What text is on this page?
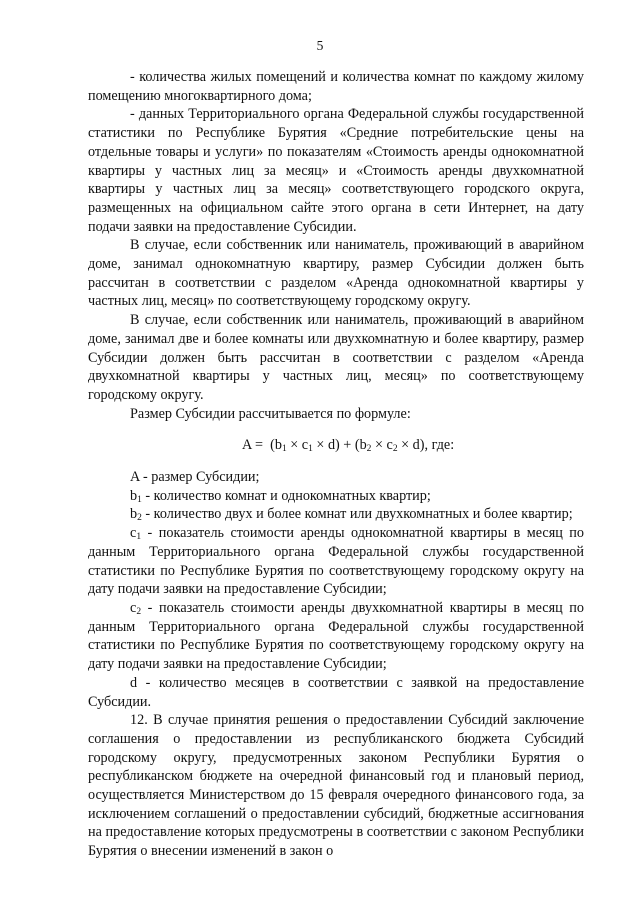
5

- количества жилых помещений и количества комнат по каждому жилому помещению многоквартирного дома;

- данных Территориального органа Федеральной службы государственной статистики по Республике Бурятия «Средние потребительские цены на отдельные товары и услуги» по показателям «Стоимость аренды однокомнатной квартиры у частных лиц за месяц» и «Стоимость аренды двухкомнатной квартиры у частных лиц за месяц» соответствующего городского округа, размещенных на официальном сайте этого органа в сети Интернет, на дату подачи заявки на предоставление Субсидии.

В случае, если собственник или наниматель, проживающий в аварийном доме, занимал однокомнатную квартиру, размер Субсидии должен быть рассчитан в соответствии с разделом «Аренда однокомнатной квартиры у частных лиц, месяц» по соответствующему городскому округу.

В случае, если собственник или наниматель, проживающий в аварийном доме, занимал две и более комнаты или двухкомнатную и более квартиру, размер Субсидии должен быть рассчитан в соответствии с разделом «Аренда двухкомнатной квартиры у частных лиц, месяц» по соответствующему городскому округу.

Размер Субсидии рассчитывается по формуле:

$A = (b_1 \times c_1 \times d) + (b_2 \times c_2 \times d)$, где:

A - размер Субсидии;

$b_1$ - количество комнат и однокомнатных квартир;

$b_2$ - количество двух и более комнат или двухкомнатных и более квартир;

$c_1$ - показатель стоимости аренды однокомнатной квартиры в месяц по данным Территориального органа Федеральной службы государственной статистики по Республике Бурятия по соответствующему городскому округу на дату подачи заявки на предоставление Субсидии;

$c_2$ - показатель стоимости аренды двухкомнатной квартиры в месяц по данным Территориального органа Федеральной службы государственной статистики по Республике Бурятия по соответствующему городскому округу на дату подачи заявки на предоставление Субсидии;

d - количество месяцев в соответствии с заявкой на предоставление Субсидии.

12. В случае принятия решения о предоставлении Субсидий заключение соглашения о предоставлении из республиканского бюджета Субсидий городскому округу, предусмотренных законом Республики Бурятия о республиканском бюджете на очередной финансовый год и плановый период, осуществляется Министерством до 15 февраля очередного финансового года, за исключением соглашений о предоставлении субсидий, бюджетные ассигнования на предоставление которых предусмотрены в соответствии с законом Республики Бурятия о внесении изменений в закон о
